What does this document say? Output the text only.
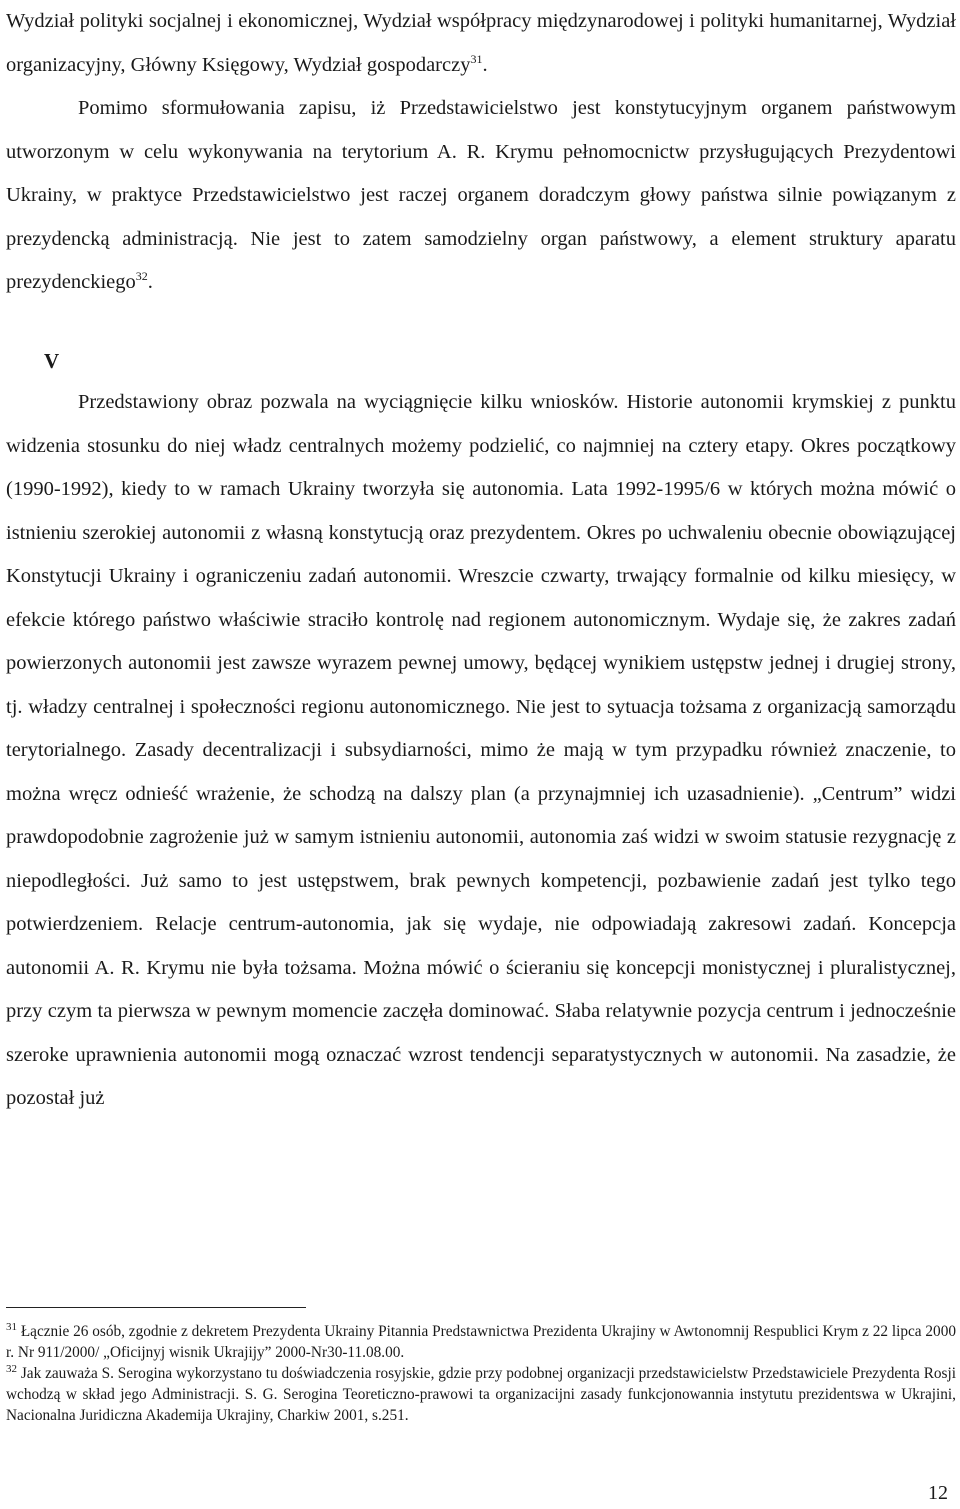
Wydział polityki socjalnej i ekonomicznej, Wydział współpracy międzynarodowej i polityki humanitarnej, Wydział organizacyjny, Główny Księgowy, Wydział gospodarczy$^{31}$.
Pomimo sformułowania zapisu, iż Przedstawicielstwo jest konstytucyjnym organem państwowym utworzonym w celu wykonywania na terytorium A. R. Krymu pełnomocnictw przysługujących Prezydentowi Ukrainy, w praktyce Przedstawicielstwo jest raczej organem doradczym głowy państwa silnie powiązanym z prezydencką administracją. Nie jest to zatem samodzielny organ państwowy, a element struktury aparatu prezydenckiego$^{32}$.

V

Przedstawiony obraz pozwala na wyciągnięcie kilku wniosków. Historie autonomii krymskiej z punktu widzenia stosunku do niej władz centralnych możemy podzielić, co najmniej na cztery etapy. Okres początkowy (1990-1992), kiedy to w ramach Ukrainy tworzyła się autonomia. Lata 1992-1995/6 w których można mówić o istnieniu szerokiej autonomii z własną konstytucją oraz prezydentem. Okres po uchwaleniu obecnie obowiązującej Konstytucji Ukrainy i ograniczeniu zadań autonomii. Wreszcie czwarty, trwający formalnie od kilku miesięcy, w efekcie którego państwo właściwie straciło kontrolę nad regionem autonomicznym. Wydaje się, że zakres zadań powierzonych autonomii jest zawsze wyrazem pewnej umowy, będącej wynikiem ustępstw jednej i drugiej strony, tj. władzy centralnej i społeczności regionu autonomicznego. Nie jest to sytuacja tożsama z organizacją samorządu terytorialnego. Zasady decentralizacji i subsydiarności, mimo że mają w tym przypadku również znaczenie, to można wręcz odnieść wrażenie, że schodzą na dalszy plan (a przynajmniej ich uzasadnienie). „Centrum” widzi prawdopodobnie zagrożenie już w samym istnieniu autonomii, autonomia zaś widzi w swoim statusie rezygnację z niepodległości. Już samo to jest ustępstwem, brak pewnych kompetencji, pozbawienie zadań jest tylko tego potwierdzeniem. Relacje centrum-autonomia, jak się wydaje, nie odpowiadają zakresowi zadań. Koncepcja autonomii A. R. Krymu nie była tożsama. Można mówić o ścieraniu się koncepcji monistycznej i pluralistycznej, przy czym ta pierwsza w pewnym momencie zaczęła dominować. Słaba relatywnie pozycja centrum i jednocześnie szeroke uprawnienia autonomii mogą oznaczać wzrost tendencji separatystycznych w autonomii. Na zasadzie, że pozostał już

$^{31}$ Łącznie 26 osób, zgodnie z dekretem Prezydenta Ukrainy Pitannia Predstawnictwa Prezidenta Ukrajiny w Awtonomnij Respublici Krym z 22 lipca 2000 r. Nr 911/2000/ „Oficijnyj wisnik Ukrajijy” 2000-Nr30-11.08.00.

$^{32}$ Jak zauważa S. Serogina wykorzystano tu doświadczenia rosyjskie, gdzie przy podobnej organizacji przedstawicielstw Przedstawiciele Prezydenta Rosji wchodzą w skład jego Administracji. S. G. Serogina Teoreticzno-prawowi ta organizacijni zasady funkcjonowannia instytutu prezidentswa w Ukrajini, Nacionalna Juridiczna Akademija Ukrajiny, Charkiw 2001, s.251.

12
